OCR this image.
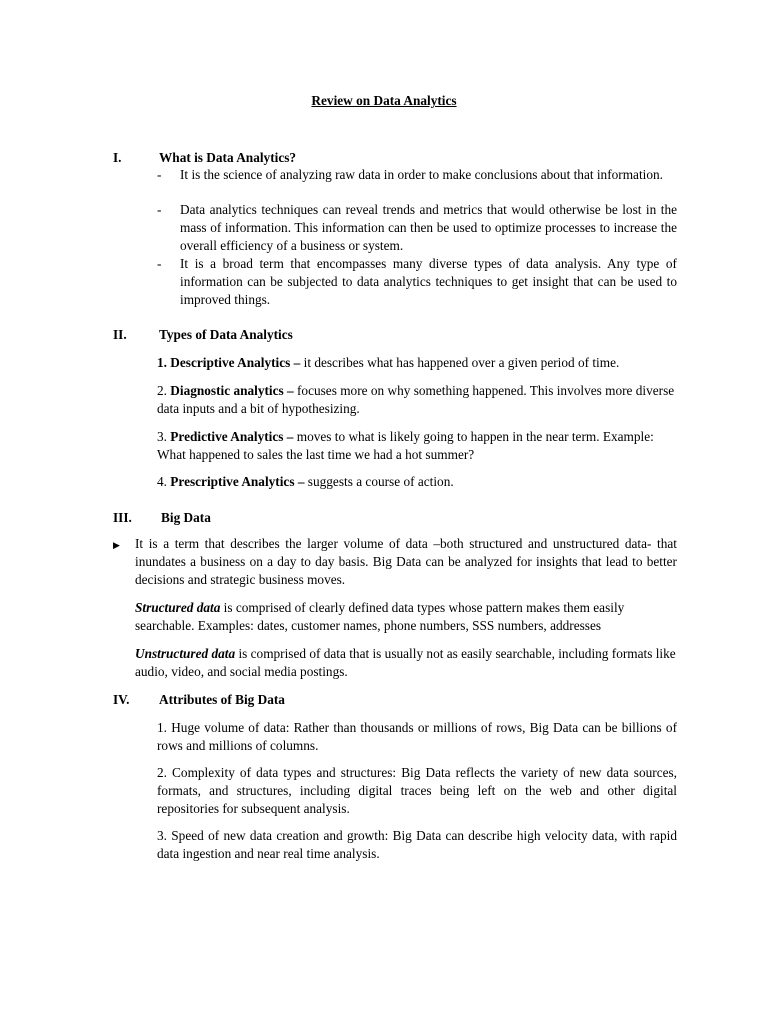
Review on Data Analytics
I.	What is Data Analytics?
- It is the science of analyzing raw data in order to make conclusions about that information.
- Data analytics techniques can reveal trends and metrics that would otherwise be lost in the mass of information. This information can then be used to optimize processes to increase the overall efficiency of a business or system.
- It is a broad term that encompasses many diverse types of data analysis. Any type of information can be subjected to data analytics techniques to get insight that can be used to improved things.
II. Types of Data Analytics
1. Descriptive Analytics – it describes what has happened over a given period of time.
2. Diagnostic analytics – focuses more on why something happened. This involves more diverse data inputs and a bit of hypothesizing.
3. Predictive Analytics – moves to what is likely going to happen in the near term. Example: What happened to sales the last time we had a hot summer?
4. Prescriptive Analytics – suggests a course of action.
III. Big Data
▶ It is a term that describes the larger volume of data –both structured and unstructured data- that inundates a business on a day to day basis. Big Data can be analyzed for insights that lead to better decisions and strategic business moves.
Structured data is comprised of clearly defined data types whose pattern makes them easily searchable. Examples: dates, customer names, phone numbers, SSS numbers, addresses
Unstructured data is comprised of data that is usually not as easily searchable, including formats like audio, video, and social media postings.
IV. Attributes of Big Data
1. Huge volume of data: Rather than thousands or millions of rows, Big Data can be billions of rows and millions of columns.
2. Complexity of data types and structures: Big Data reflects the variety of new data sources, formats, and structures, including digital traces being left on the web and other digital repositories for subsequent analysis.
3. Speed of new data creation and growth: Big Data can describe high velocity data, with rapid data ingestion and near real time analysis.
